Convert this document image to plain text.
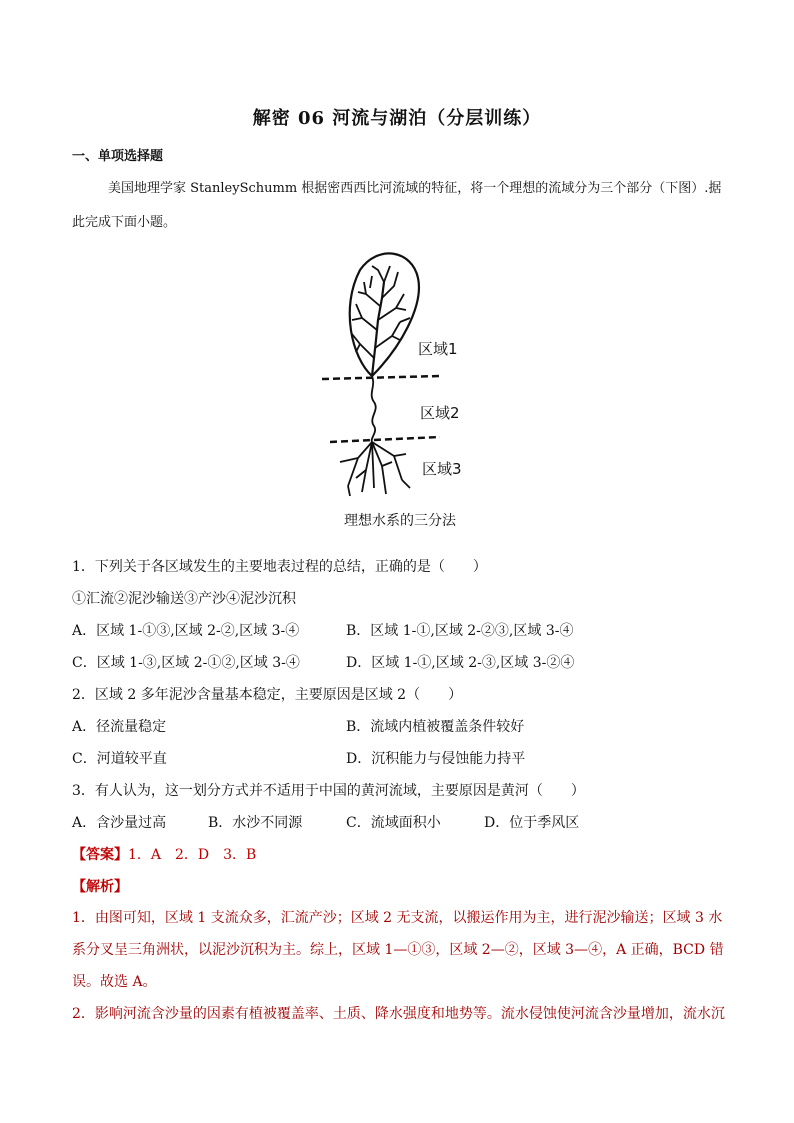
解密 06 河流与湖泊（分层训练）
一、单项选择题
美国地理学家 StanleySchumm 根据密西西比河流域的特征，将一个理想的流域分为三个部分（下图）.据此完成下面小题。
区域1
区域2
区域3
理想水系的三分法
1．下列关于各区域发生的主要地表过程的总结，正确的是（　　）
①汇流②泥沙输送③产沙④泥沙沉积
A．区域 1-①③,区域 2-②,区域 3-④	B．区域 1-①,区域 2-②③,区域 3-④
C．区域 1-③,区域 2-①②,区域 3-④	D．区域 1-①,区域 2-③,区域 3-②④
2．区域 2 多年泥沙含量基本稳定，主要原因是区域 2（　　）
A．径流量稳定	B．流域内植被覆盖条件较好
C．河道较平直	D．沉积能力与侵蚀能力持平
3．有人认为，这一划分方式并不适用于中国的黄河流域，主要原因是黄河（　　）
A．含沙量过高	B．水沙不同源	C．流域面积小	D．位于季风区
【答案】1．A　2．D　3．B
【解析】
1．由图可知，区域 1 支流众多，汇流产沙；区域 2 无支流，以搬运作用为主，进行泥沙输送；区域 3 水系分叉呈三角洲状，以泥沙沉积为主。综上，区域 1—①③，区域 2—②，区域 3—④，A 正确，BCD 错误。故选 A。
2．影响河流含沙量的因素有植被覆盖率、土质、降水强度和地势等。流水侵蚀使河流含沙量增加，流水沉
